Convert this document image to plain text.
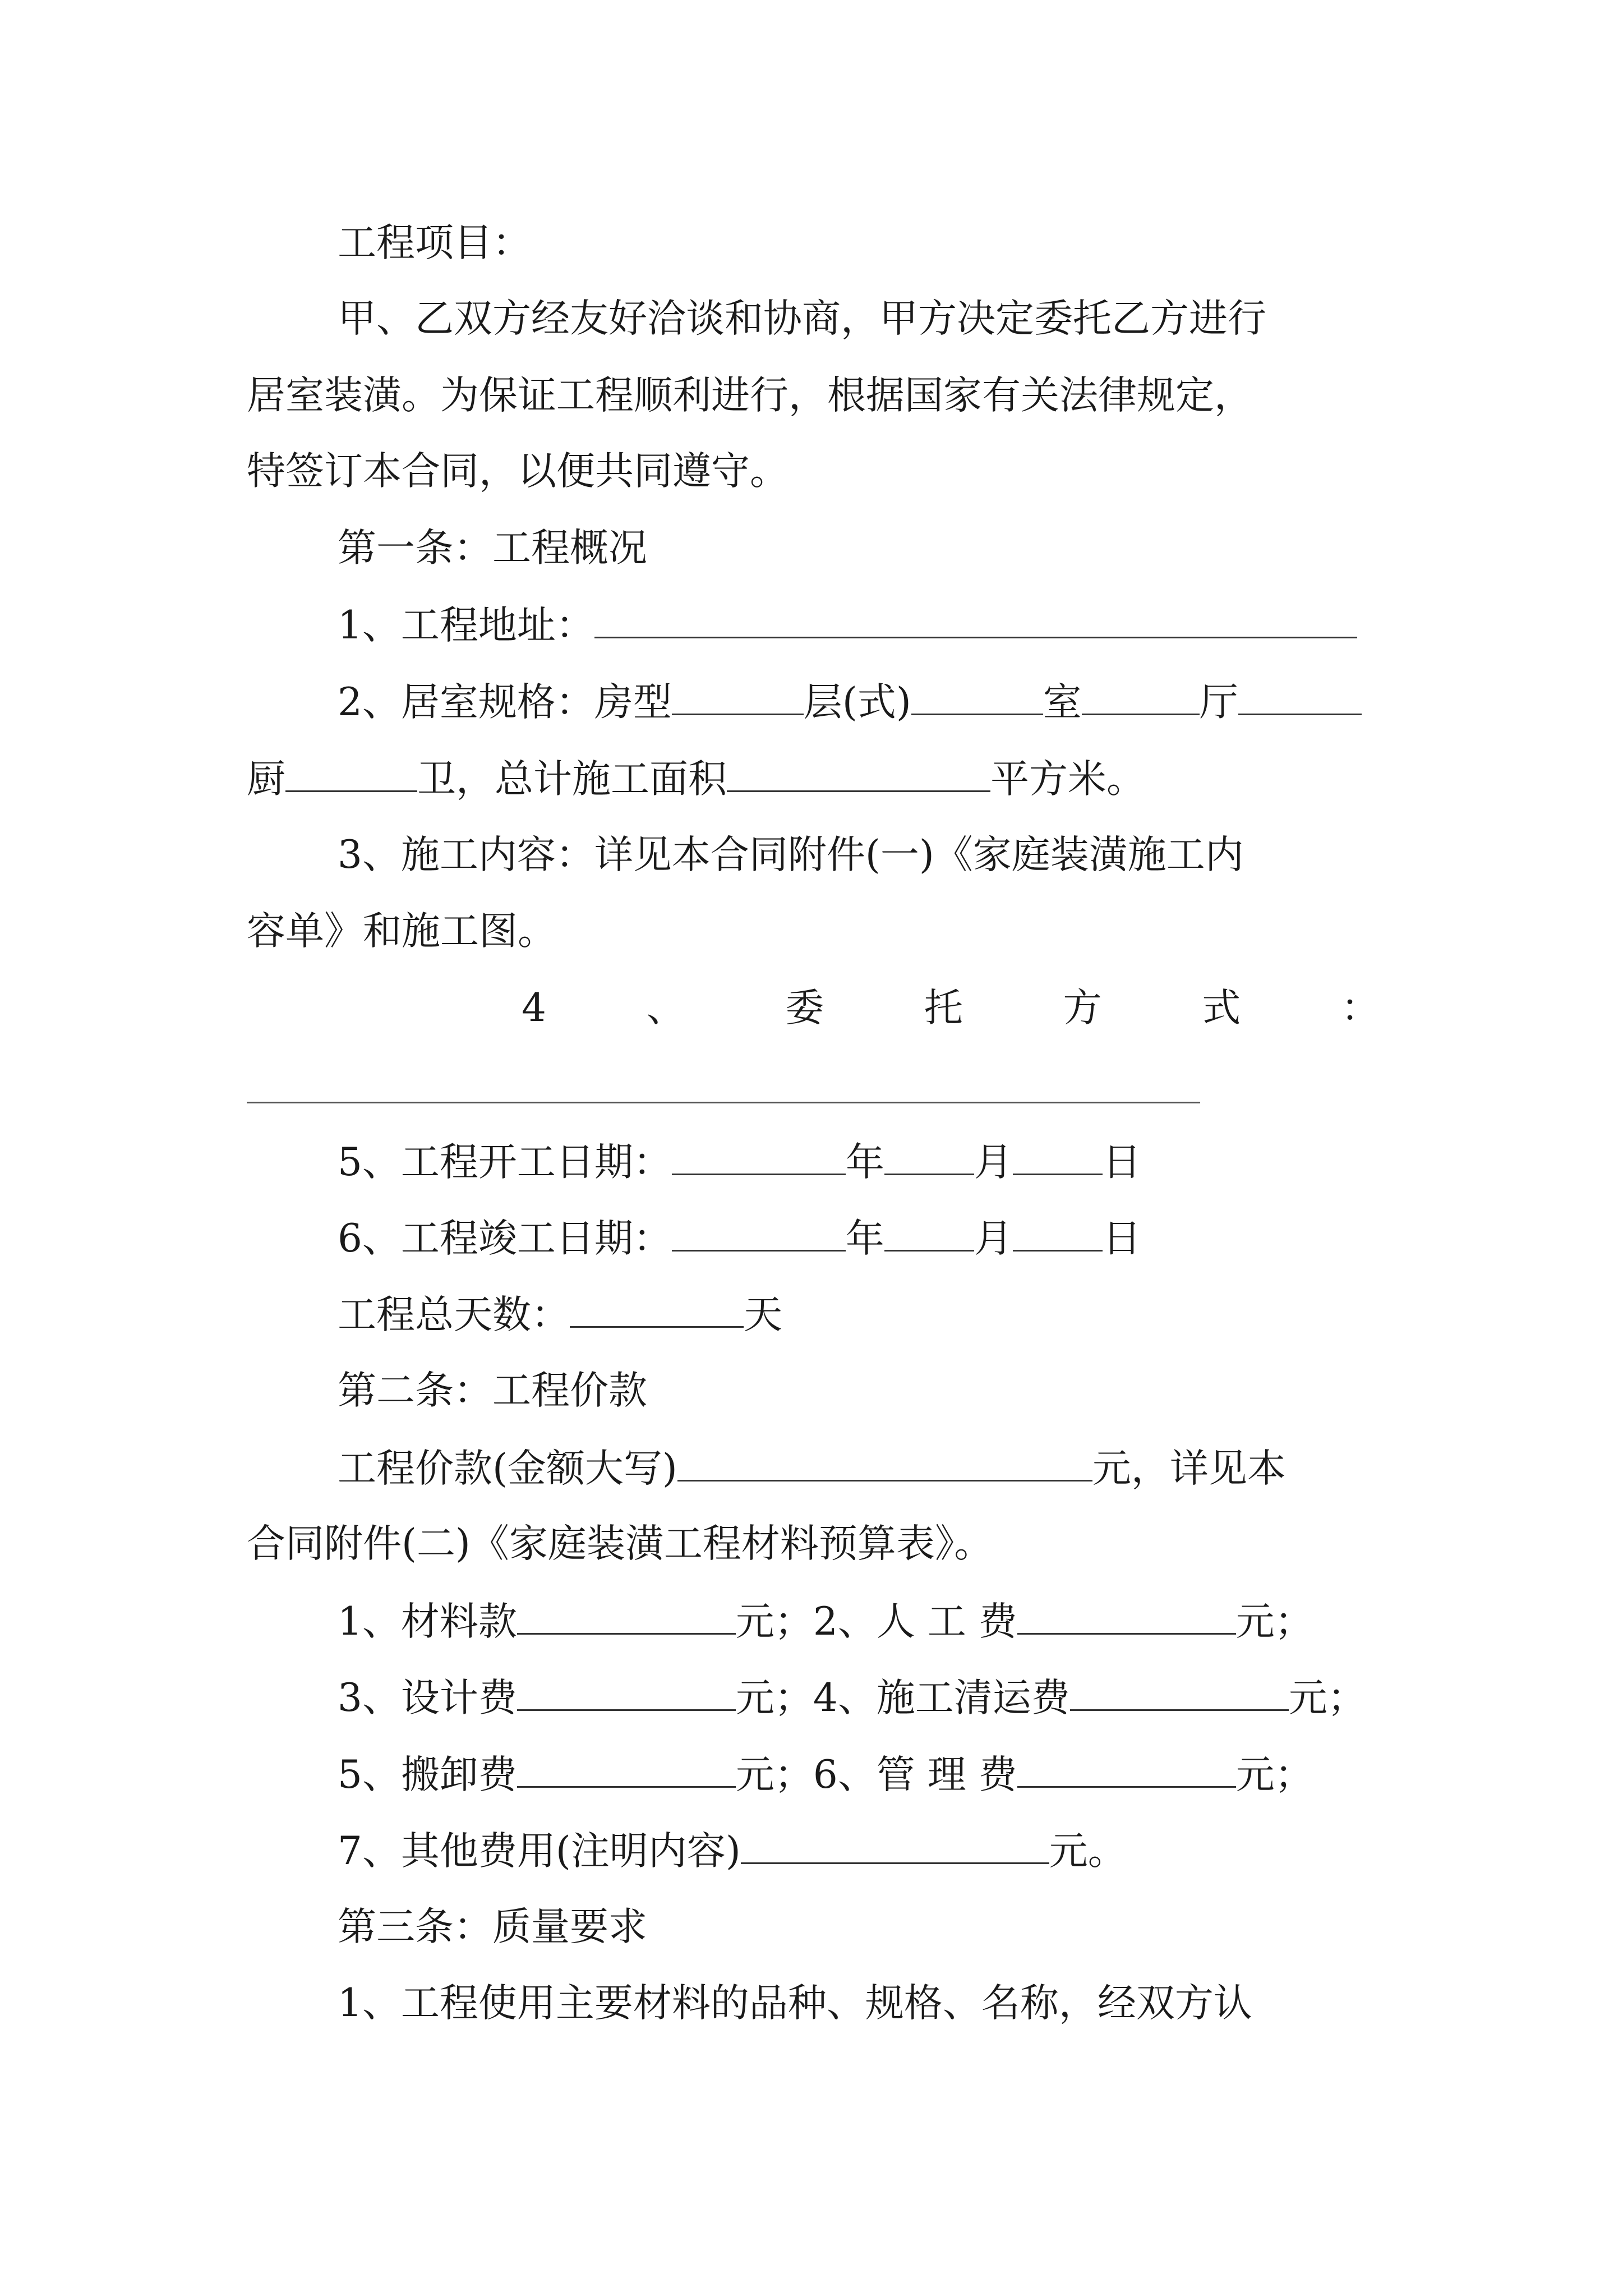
工程项目：
甲、乙双方经友好洽谈和协商，甲方决定委托乙方进行
居室装潢。为保证工程顺利进行，根据国家有关法律规定，
特签订本合同，以便共同遵守。
第一条：工程概况
1、工程地址：
2、居室规格：房型	层(式)	室	厅
厨	卫，总计施工面积	平方米。
3、施工内容：详见本合同附件(一)《家庭装潢施工内
容单》和施工图。
4	、	委	托	方	式	：
5、工程开工日期：	年 月 日
6、工程竣工日期：	年 月 日
工程总天数：	天
第二条：工程价款
工程价款(金额大写)	元，详见本
合同附件(二)《家庭装潢工程材料预算表》。
1、材料款	元；2、人 工 费	元；
3、设计费	元；4、施工清运费	元；
5、搬卸费	元；6、管 理 费	元；
7、其他费用(注明内容)	元。
第三条：质量要求
1、工程使用主要材料的品种、规格、名称，经双方认
